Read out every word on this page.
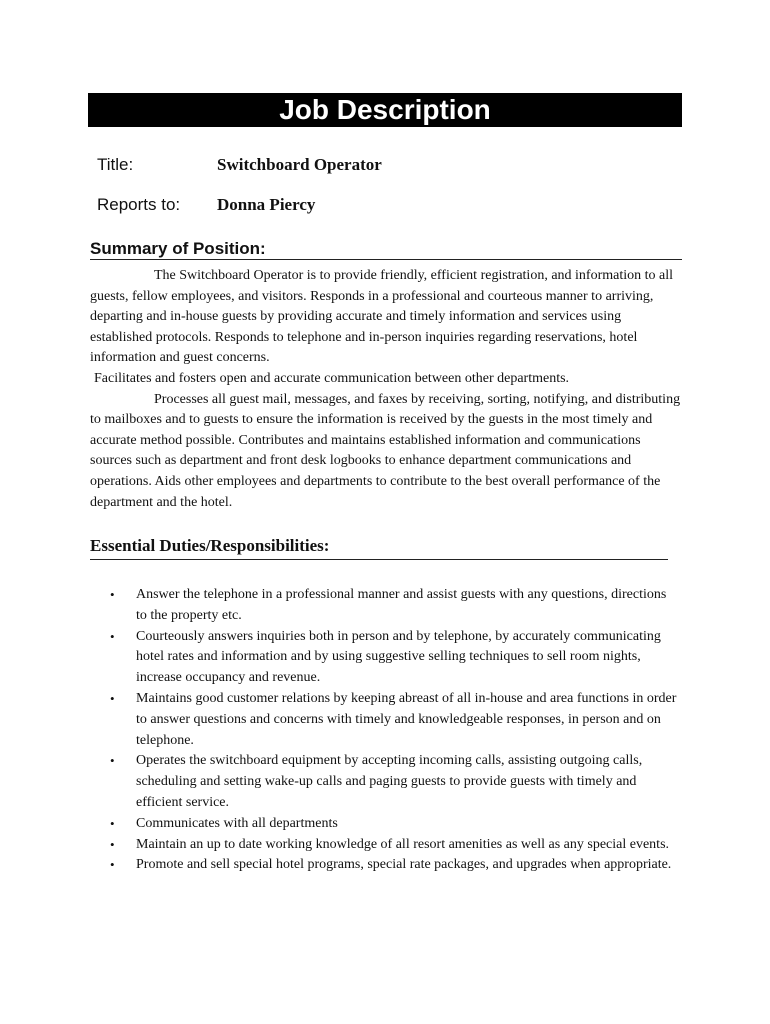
Job Description
Title:	Switchboard Operator
Reports to: Donna Piercy
Summary of Position:

The Switchboard Operator is to provide friendly, efficient registration, and information to all guests, fellow employees, and visitors. Responds in a professional and courteous manner to arriving, departing and in-house guests by providing accurate and timely information and services using established protocols. Responds to telephone and in-person inquiries regarding reservations, hotel information and guest concerns.

Facilitates and fosters open and accurate communication between other departments.

Processes all guest mail, messages, and faxes by receiving, sorting, notifying, and distributing to mailboxes and to guests to ensure the information is received by the guests in the most timely and accurate method possible. Contributes and maintains established information and communications sources such as department and front desk logbooks to enhance department communications and operations. Aids other employees and departments to contribute to the best overall performance of the department and the hotel.

Essential Duties/Responsibilities:
• Answer the telephone in a professional manner and assist guests with any questions, directions to the property etc.
• Courteously answers inquiries both in person and by telephone, by accurately communicating hotel rates and information and by using suggestive selling techniques to sell room nights, increase occupancy and revenue.
• Maintains good customer relations by keeping abreast of all in-house and area functions in order to answer questions and concerns with timely and knowledgeable responses, in person and on telephone.
• Operates the switchboard equipment by accepting incoming calls, assisting outgoing calls, scheduling and setting wake-up calls and paging guests to provide guests with timely and efficient service.
• Communicates with all departments
• Maintain an up to date working knowledge of all resort amenities as well as any special events.
• Promote and sell special hotel programs, special rate packages, and upgrades when appropriate.
